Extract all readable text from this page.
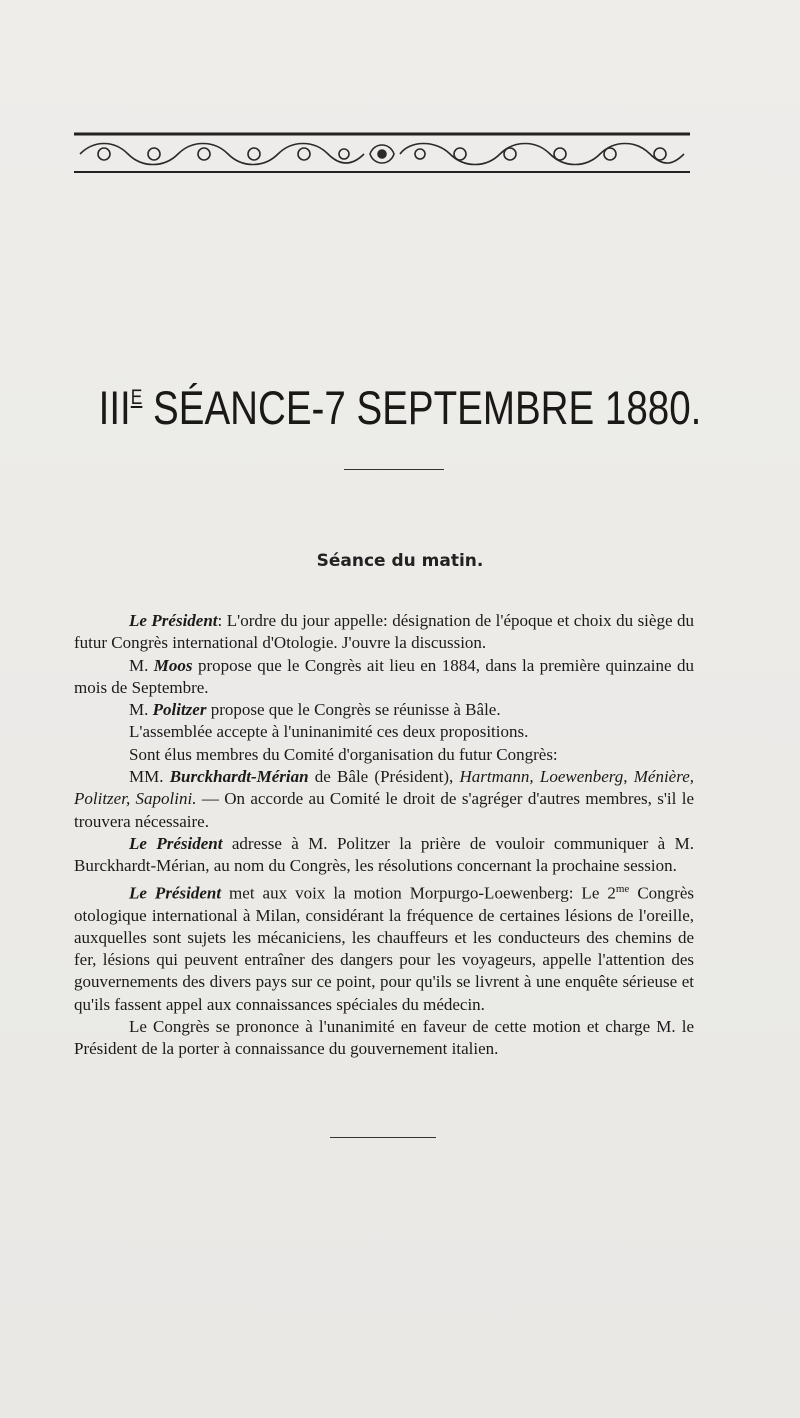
$III^E$ SÉANCE-7 SEPTEMBRE 1880.
Séance du matin.

Le Président: L'ordre du jour appelle: désignation de l'époque et choix du siège du futur Congrès international d'Otologie. J'ouvre la discussion.

M. Moos propose que le Congrès ait lieu en 1884, dans la première quinzaine du mois de Septembre.

M. Politzer propose que le Congrès se réunisse à Bâle.

L'assemblée accepte à l'uninanimité ces deux propositions.

Sont élus membres du Comité d'organisation du futur Congrès:

MM. Burckhardt-Mérian de Bâle (Président), Hartmann, Loewenberg, Ménière, Politzer, Sapolini. — On accorde au Comité le droit de s'agréger d'autres membres, s'il le trouvera nécessaire.

Le Président adresse à M. Politzer la prière de vouloir communiquer à M. Burckhardt-Mérian, au nom du Congrès, les résolutions concernant la prochaine session.

Le Président met aux voix la motion Morpurgo-Loewenberg: Le $2^{me}$ Congrès otologique international à Milan, considérant la fréquence de certaines lésions de l'oreille, auxquelles sont sujets les mécaniciens, les chauffeurs et les conducteurs des chemins de fer, lésions qui peuvent entraîner des dangers pour les voyageurs, appelle l'attention des gouvernements des divers pays sur ce point, pour qu'ils se livrent à une enquête sérieuse et qu'ils fassent appel aux connaissances spéciales du médecin.

Le Congrès se prononce à l'unanimité en faveur de cette motion et charge M. le Président de la porter à connaissance du gouvernement italien.
